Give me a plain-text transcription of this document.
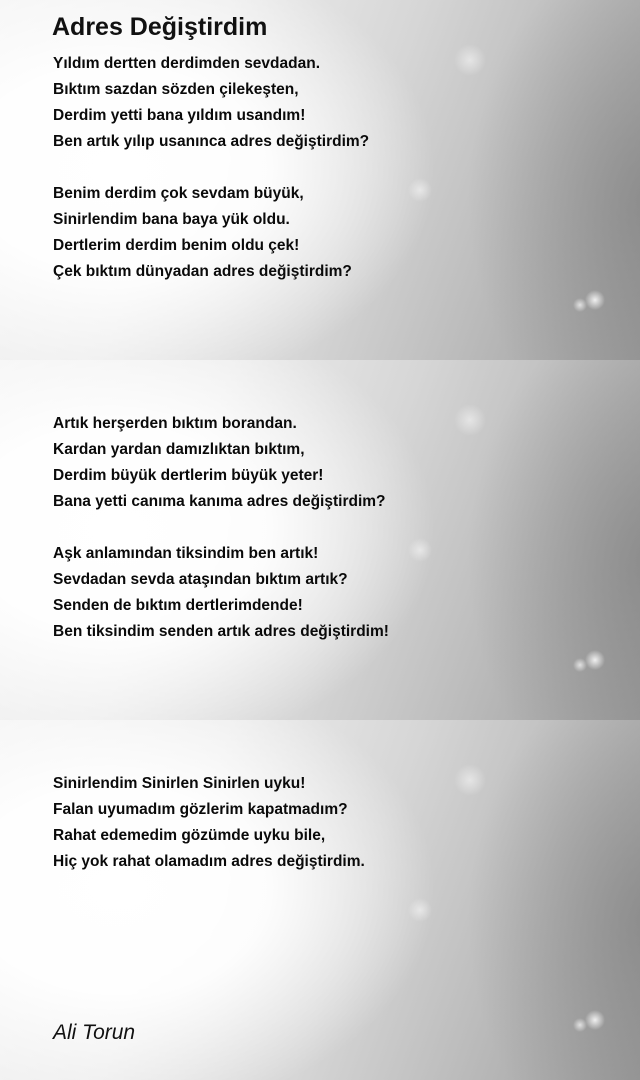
Adres Değiştirdim
Yıldım dertten derdimden sevdadan.
Bıktım sazdan sözden çilekeşten,
Derdim yetti bana yıldım usandım!
Ben artık yılıp usanınca adres değiştirdim?
Benim derdim çok sevdam büyük,
Sinirlendim bana baya yük oldu.
Dertlerim derdim benim oldu çek!
Çek bıktım dünyadan adres değiştirdim?
Artık herşerden bıktım borandan.
Kardan yardan damızlıktan bıktım,
Derdim büyük dertlerim büyük yeter!
Bana yetti canıma kanıma adres değiştirdim?
Aşk anlamından tiksindim ben artık!
Sevdadan sevda ataşından bıktım artık?
Senden de bıktım dertlerimdende!
Ben tiksindim senden artık adres değiştirdim!
Sinirlendim Sinirlen Sinirlen uyku!
Falan uyumadım gözlerim kapatmadım?
Rahat edemedim gözümde uyku bile,
Hiç yok rahat olamadım adres değiştirdim.
Ali Torun
